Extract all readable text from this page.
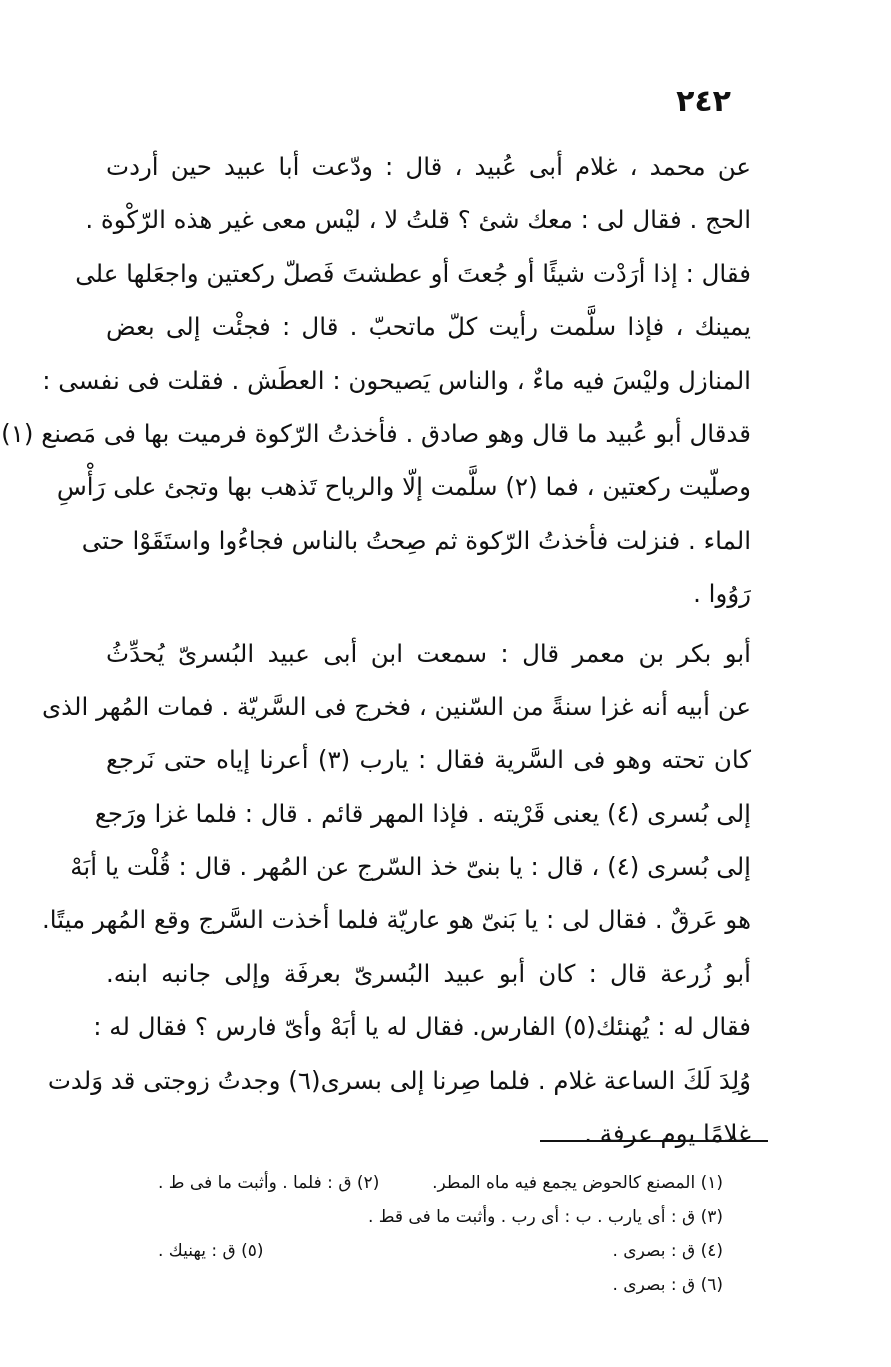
٢٤٢
عن محمد ، غلام أبى عُبيد ، قال : ودّعت أبا عبيد حين أردت
الحج . فقال لى : معك شئ ؟ قلتُ لا ، ليْس معى غير هذه الرّكْوة .
فقال : إذا أرَدْت شيئًا أو جُعتَ أو عطشتَ فَصلّ ركعتين واجعَلها على
يمينك ، فإذا سلَّمت رأيت كلّ ماتحبّ . قال : فجئْت إلى بعض
المنازل وليْسَ فيه ماءٌ ، والناس يَصيحون : العطَش . فقلت فى نفسى :
قدقال أبو عُبيد ما قال وهو صادق . فأخذتُ الرّكوة فرميت بها فى مَصنع (١)
وصلّيت ركعتين ، فما (٢) سلَّمت إلّا والرياح تَذهب بها وتجئ على رَأْسِ
الماء . فنزلت فأخذتُ الرّكوة ثم صِحتُ بالناس فجاءُوا واستَقَوْا حتى
رَوُوا .
أبو بكر بن معمر قال : سمعت ابن أبى عبيد البُسرىّ يُحدِّثُ
عن أبيه أنه غزا سنةً من السّنين ، فخرج فى السَّريّة . فمات المُهر الذى
كان تحته وهو فى السَّرية فقال : يارب (٣) أعرنا إياه حتى نَرجع
إلى بُسرى (٤) يعنى قَرْيته . فإذا المهر قائم . قال : فلما غزا ورَجع
إلى بُسرى (٤) ، قال : يا بنىّ خذ السّرج عن المُهر . قال : قُلْت يا أبَهْ
هو عَرقٌ . فقال لى : يا بَنىّ هو عاريّة فلما أخذت السَّرج وقع المُهر ميتًا.
أبو زُرعة قال : كان أبو عبيد البُسرىّ بعرفَة وإلى جانبه ابنه.
فقال له : يُهنئك(٥) الفارس. فقال له يا أبَهْ وأىّ فارس ؟ فقال له :
وُلِدَ لَكَ الساعة غلام . فلما صِرنا إلى بسرى(٦) وجدتُ زوجتى قد وَلدت
غلامًا يوم عرفة .
(١) المصنع كالحوض يجمع فيه ماه المطر.
(٢) ق : فلما . وأثبت ما فى ط .
(٣) ق : أى يارب . ب : أى رب . وأثبت ما فى قط .
(٤) ق : بصرى .
(٥) ق : يهنيك .
(٦) ق : بصرى .
